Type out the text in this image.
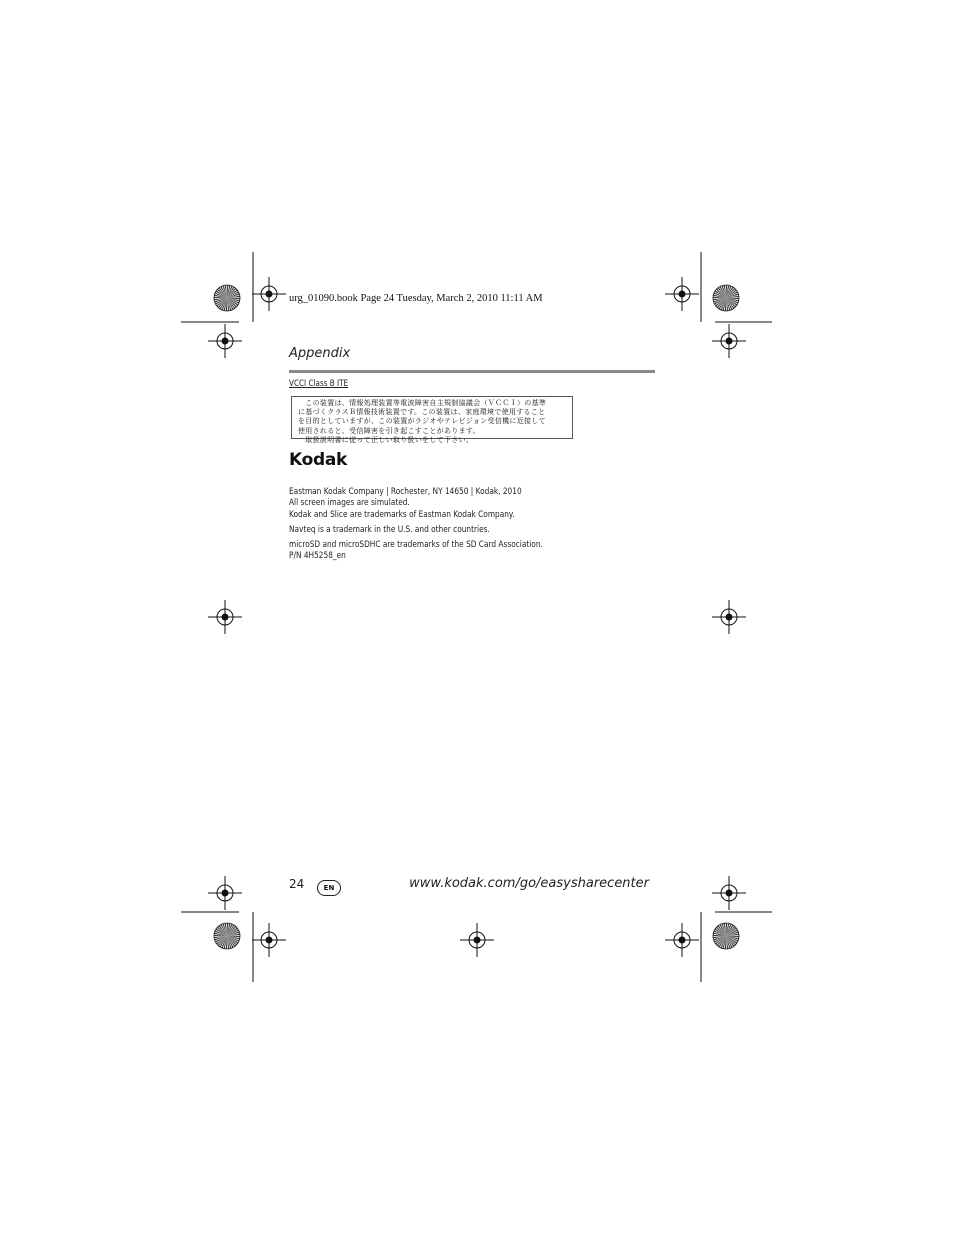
urg_01090.book Page 24 Tuesday, March 2, 2010 11:11 AM
Appendix
VCCI Class B ITE
　この装置は、情報処理装置等電波障害自主規制協議会（ＶＣＣＩ）の基準
に基づくクラスＢ情報技術装置です。この装置は、家庭環境で使用すること
を目的としていますが、この装置がラジオやテレビジョン受信機に近接して
使用されると、受信障害を引き起こすことがあります。
　取扱説明書に従って正しい取り扱いをして下さい。
Kodak
Eastman Kodak Company | Rochester, NY 14650 | Kodak, 2010
All screen images are simulated.
Kodak and Slice are trademarks of Eastman Kodak Company.
Navteq is a trademark in the U.S. and other countries.
microSD and microSDHC are trademarks of the SD Card Association.
P/N 4H5258_en
24	EN	www.kodak.com/go/easysharecenter
